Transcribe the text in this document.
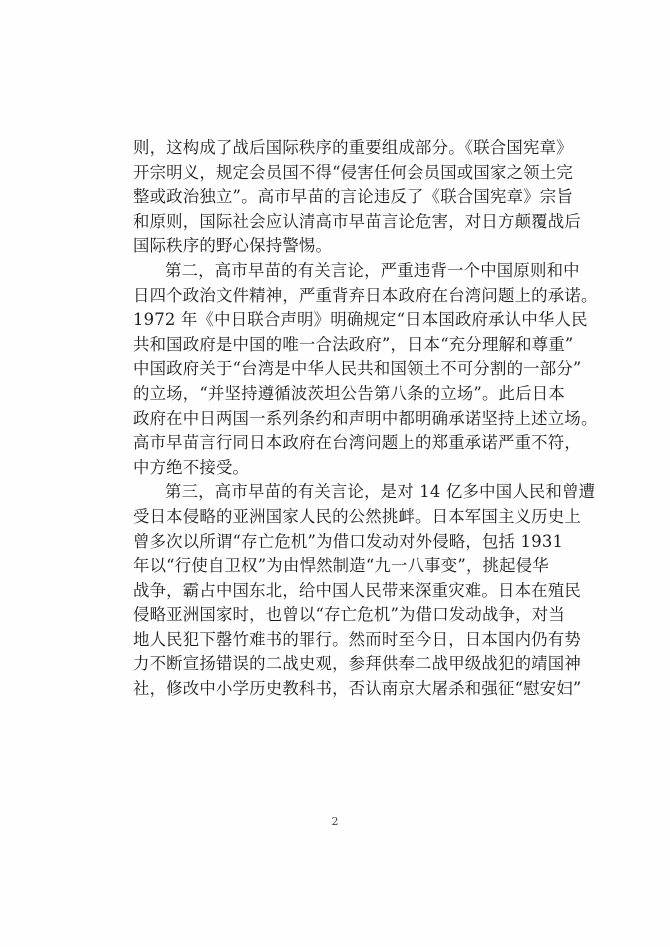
则，这构成了战后国际秩序的重要组成部分。《联合国宪章》
开宗明义，规定会员国不得“侵害任何会员国或国家之领土完
整或政治独立”。高市早苗的言论违反了《联合国宪章》宗旨
和原则，国际社会应认清高市早苗言论危害，对日方颠覆战后
国际秩序的野心保持警惕。
第二，高市早苗的有关言论，严重违背一个中国原则和中
日四个政治文件精神，严重背弃日本政府在台湾问题上的承诺。
1972 年《中日联合声明》明确规定“日本国政府承认中华人民
共和国政府是中国的唯一合法政府”，日本“充分理解和尊重”
中国政府关于“台湾是中华人民共和国领土不可分割的一部分”
的立场，“并坚持遵循波茨坦公告第八条的立场”。此后日本
政府在中日两国一系列条约和声明中都明确承诺坚持上述立场。
高市早苗言行同日本政府在台湾问题上的郑重承诺严重不符，
中方绝不接受。
第三，高市早苗的有关言论，是对 14 亿多中国人民和曾遭
受日本侵略的亚洲国家人民的公然挑衅。日本军国主义历史上
曾多次以所谓“存亡危机”为借口发动对外侵略，包括 1931
年以“行使自卫权”为由悍然制造“九一八事变”，挑起侵华
战争，霸占中国东北，给中国人民带来深重灾难。日本在殖民
侵略亚洲国家时，也曾以“存亡危机”为借口发动战争，对当
地人民犯下罄竹难书的罪行。然而时至今日，日本国内仍有势
力不断宣扬错误的二战史观，参拜供奉二战甲级战犯的靖国神
社，修改中小学历史教科书，否认南京大屠杀和强征“慰安妇”
2
